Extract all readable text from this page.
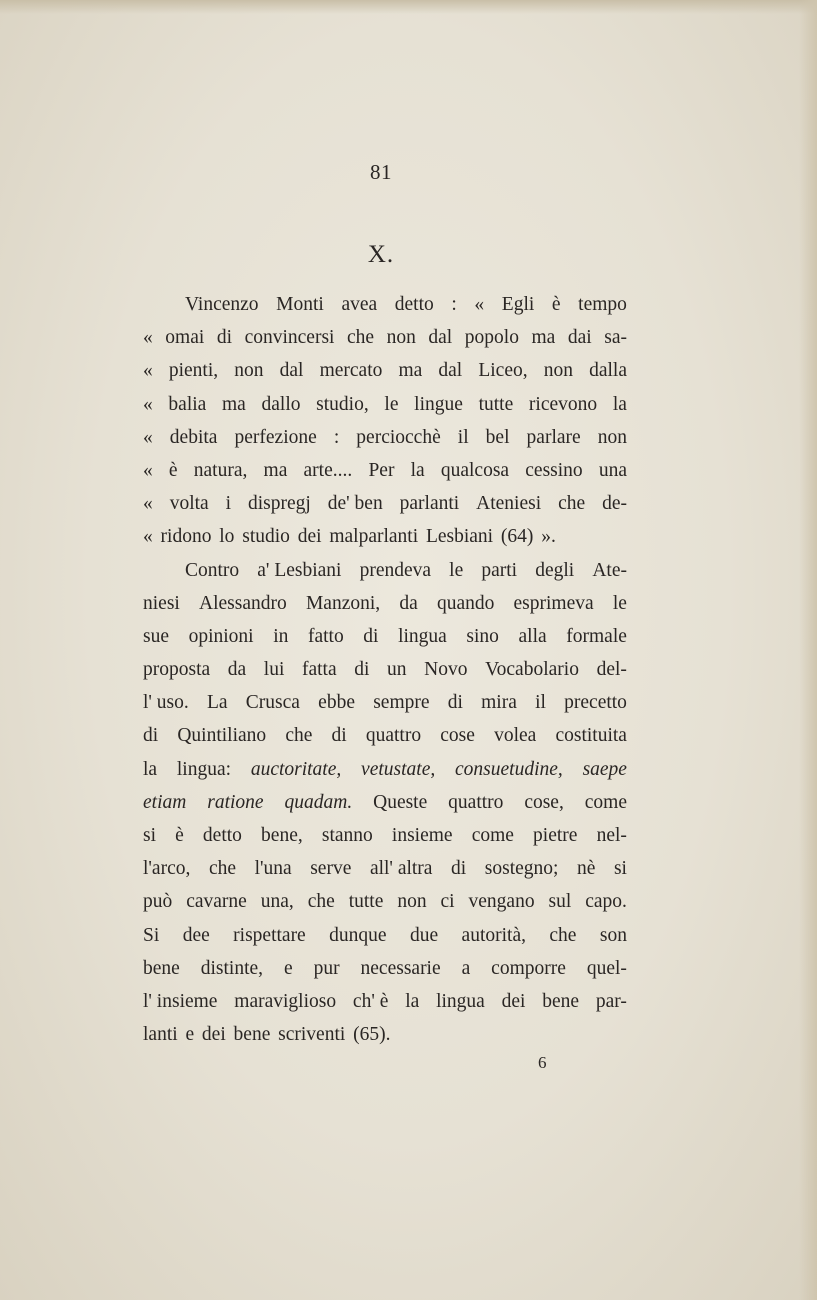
81
X.
Vincenzo Monti avea detto : « Egli è tempo
« omai di convincersi che non dal popolo ma dai sa-
« pienti, non dal mercato ma dal Liceo, non dalla
« balia ma dallo studio, le lingue tutte ricevono la
« debita perfezione : perciocchè il bel parlare non
« è natura, ma arte.... Per la qualcosa cessino una
« volta i dispregj de' ben parlanti Ateniesi che de-
« ridono lo studio dei malparlanti Lesbiani (64) ».
Contro a' Lesbiani prendeva le parti degli Ate-
niesi Alessandro Manzoni, da quando esprimeva le
sue opinioni in fatto di lingua sino alla formale
proposta da lui fatta di un Novo Vocabolario del-
l' uso. La Crusca ebbe sempre di mira il precetto
di Quintiliano che di quattro cose volea costituita
la lingua: auctoritate, vetustate, consuetudine, saepe
etiam ratione quadam. Queste quattro cose, come
si è detto bene, stanno insieme come pietre nel-
l'arco, che l'una serve all' altra di sostegno; nè si
può cavarne una, che tutte non ci vengano sul capo.
Si dee rispettare dunque due autorità, che son
bene distinte, e pur necessarie a comporre quel-
l' insieme maraviglioso ch' è la lingua dei bene par-
lanti e dei bene scriventi (65).
6
